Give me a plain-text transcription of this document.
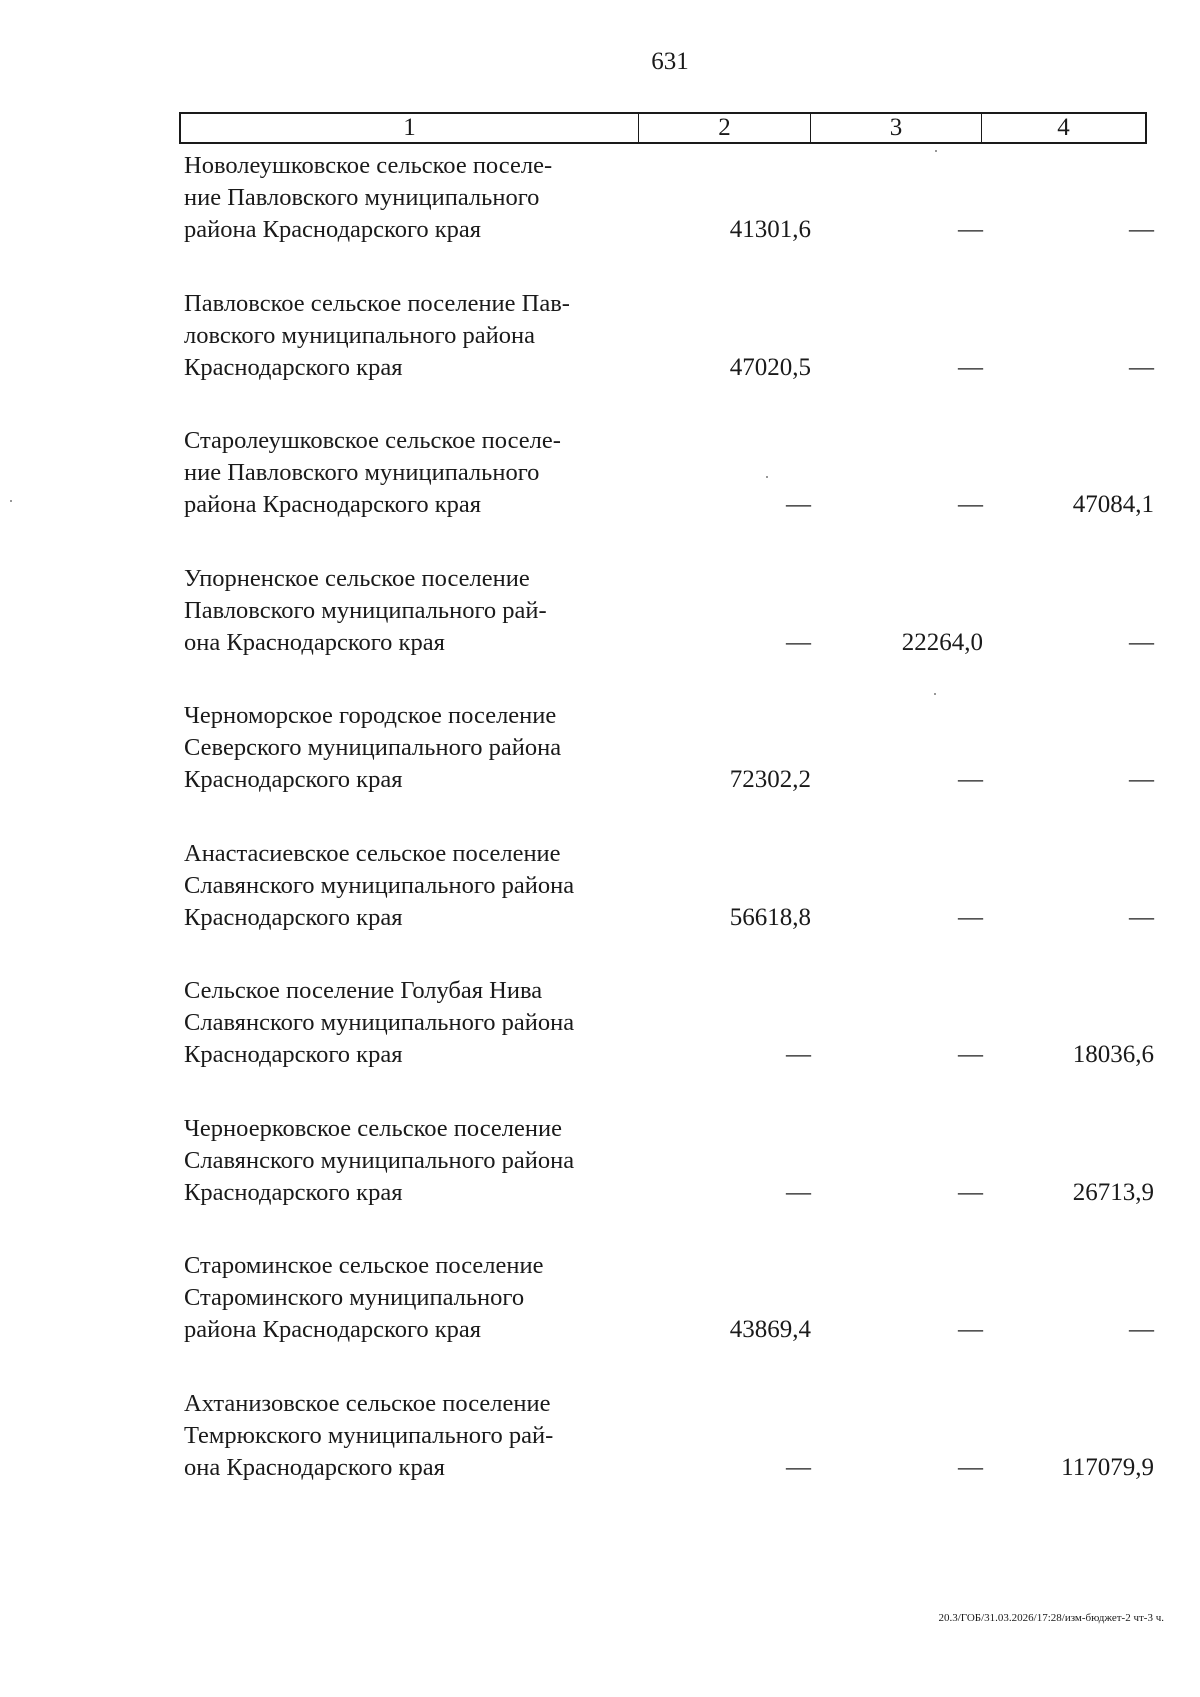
631
1	2	3	4
Новолеушковское сельское поселе-
ние Павловского муниципального
района Краснодарского края	41301,6	—	—
Павловское сельское поселение Пав-
ловского муниципального района
Краснодарского края	47020,5	—	—
Старолеушковское сельское поселе-
ние Павловского муниципального
района Краснодарского края	—	—	47084,1
Упорненское сельское поселение
Павловского муниципального рай-
она Краснодарского края	—	22264,0	—
Черноморское городское поселение
Северского муниципального района
Краснодарского края	72302,2	—	—
Анастасиевское сельское поселение
Славянского муниципального района
Краснодарского края	56618,8	—	—
Сельское поселение Голубая Нива
Славянского муниципального района
Краснодарского края	—	—	18036,6
Черноерковское сельское поселение
Славянского муниципального района
Краснодарского края	—	—	26713,9
Староминское сельское поселение
Староминского муниципального
района Краснодарского края	43869,4	—	—
Ахтанизовское сельское поселение
Темрюкского муниципального рай-
она Краснодарского края	—	—	117079,9
20.3/ГОБ/31.03.2026/17:28/изм-бюджет-2 чт-3 ч.
